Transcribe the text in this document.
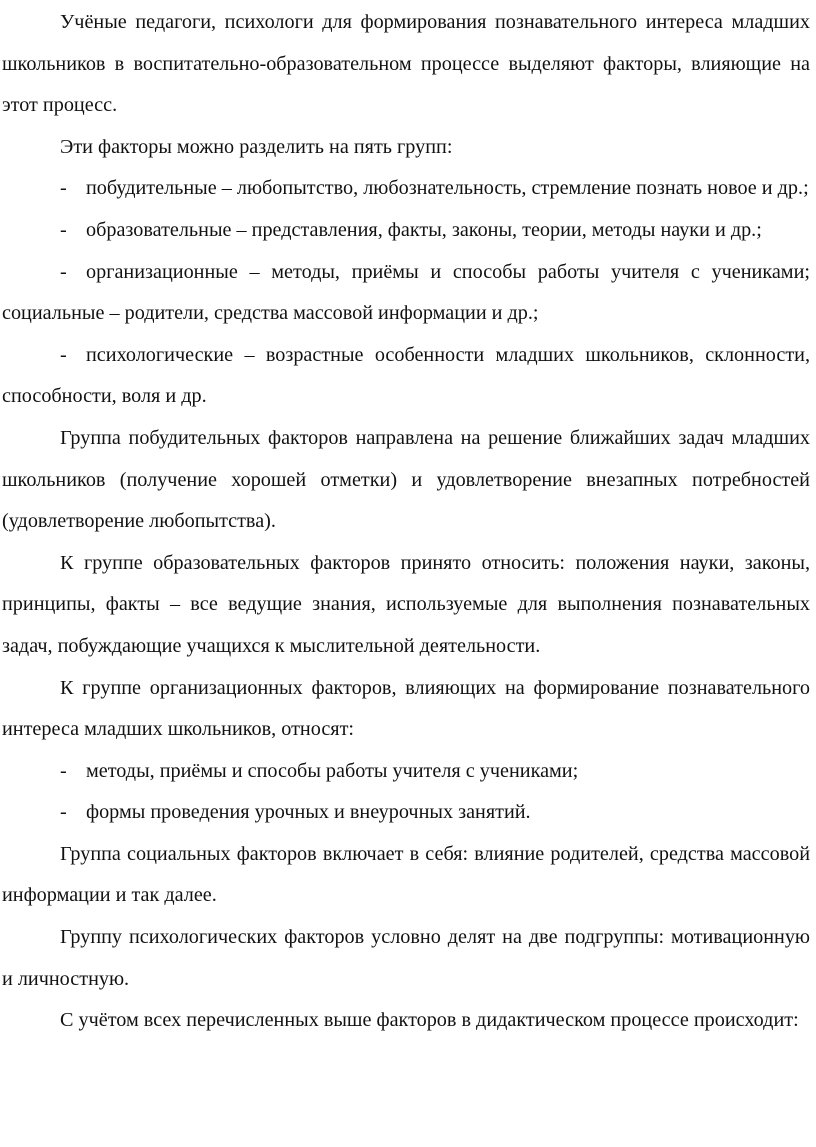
Учёные педагоги, психологи для формирования познавательного интереса младших школьников в воспитательно-образовательном процессе выделяют факторы, влияющие на этот процесс.

Эти факторы можно разделить на пять групп:

- побудительные – любопытство, любознательность, стремление познать новое и др.;

- образовательные – представления, факты, законы, теории, методы науки и др.;

- организационные – методы, приёмы и способы работы учителя с учениками; социальные – родители, средства массовой информации и др.;

- психологические – возрастные особенности младших школьников, склонности, способности, воля и др.

Группа побудительных факторов направлена на решение ближайших задач младших школьников (получение хорошей отметки) и удовлетворение внезапных потребностей (удовлетворение любопытства).

К группе образовательных факторов принято относить: положения науки, законы, принципы, факты – все ведущие знания, используемые для выполнения познавательных задач, побуждающие учащихся к мыслительной деятельности.

К группе организационных факторов, влияющих на формирование познавательного интереса младших школьников, относят:

- методы, приёмы и способы работы учителя с учениками;

- формы проведения урочных и внеурочных занятий.

Группа социальных факторов включает в себя: влияние родителей, средства массовой информации и так далее.

Группу психологических факторов условно делят на две подгруппы: мотивационную и личностную.

С учётом всех перечисленных выше факторов в дидактическом процессе происходит:
